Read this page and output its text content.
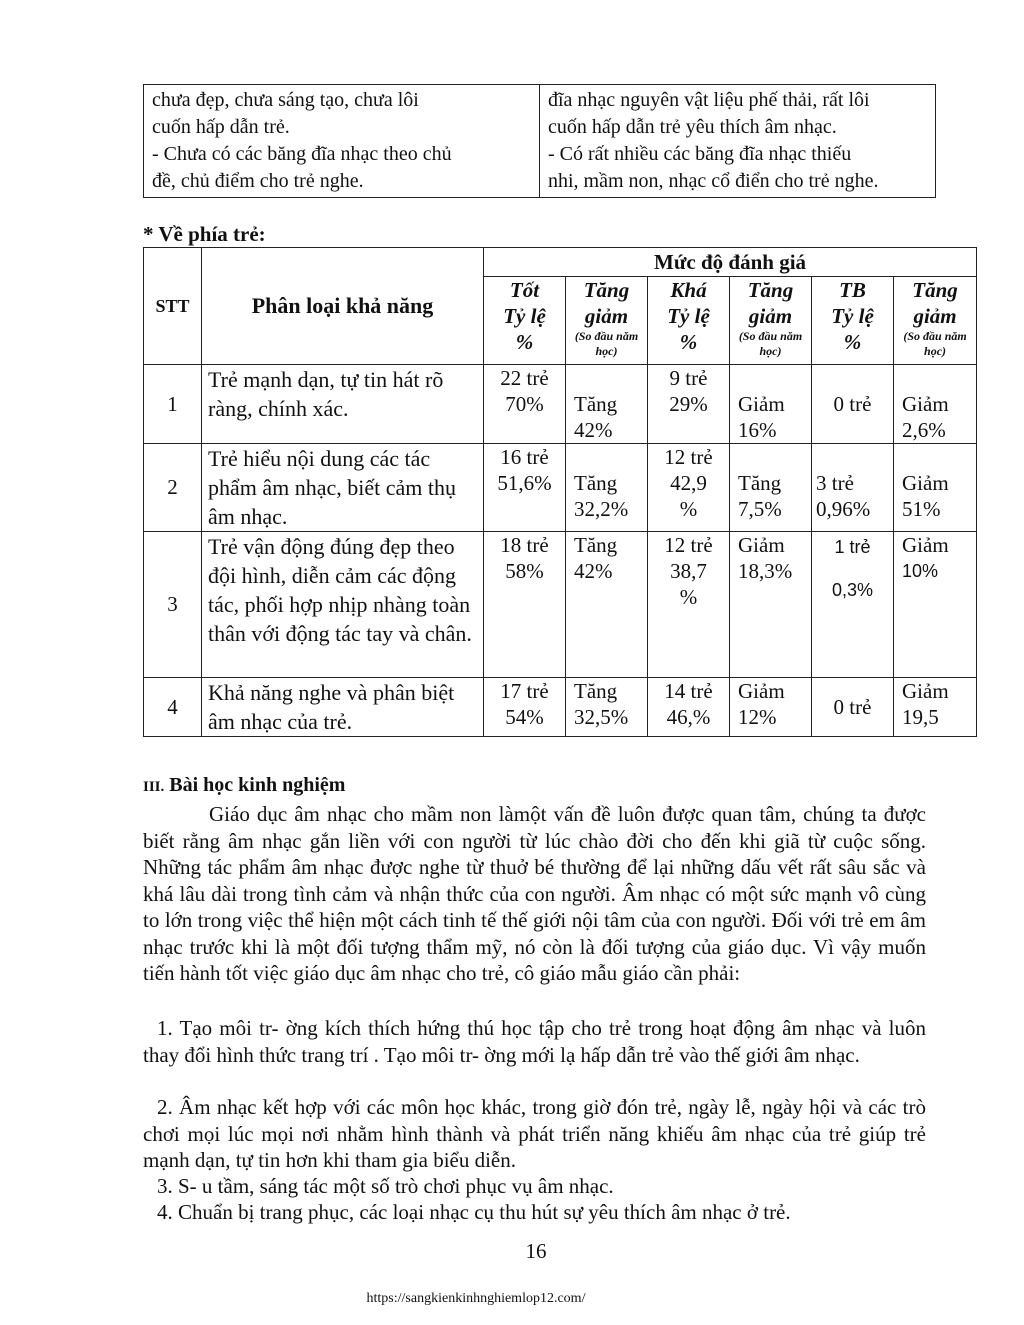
chưa đẹp, chưa sáng tạo, chưa lôi
cuốn hấp dẫn trẻ.
- Chưa có các băng đĩa nhạc theo chủ
đề, chủ điểm cho trẻ nghe.

đĩa nhạc nguyên vật liệu phế thải, rất lôi
cuốn hấp dẫn trẻ yêu thích âm nhạc.
- Có rất nhiều các băng đĩa nhạc thiếu
nhi, mầm non, nhạc cổ điển cho trẻ nghe.
* Về phía trẻ:
STT	Phân loại khả năng	Mức độ đánh giá					

		Tốt
Tỷ lệ
%	Tăng
giảm
(So đầu năm học)	Khá
Tỷ lệ
%	Tăng
giảm
(So đầu năm học)	TB
Tỷ lệ
%	Tăng
giảm
(So đầu năm học)

1	Trẻ mạnh dạn, tự tin hát rõ ràng, chính xác.	22 trẻ
70%	Tăng
42%	9 trẻ
29%	Giảm
16%	0 trẻ	Giảm
2,6%

2	Trẻ hiểu nội dung các tác phẩm âm nhạc, biết cảm thụ âm nhạc.	16 trẻ
51,6%	Tăng
32,2%	12 trẻ
42,9
%	Tăng
7,5%	3 trẻ
0,96%	Giảm
51%

3	Trẻ vận động đúng đẹp theo đội hình, diễn cảm các động tác, phối hợp nhịp nhàng toàn thân với động tác tay và chân.	18 trẻ
58%	Tăng
42%	12 trẻ
38,7
%	Giảm
18,3%	1 trẻ
0,3%	Giảm
10%

4	Khả năng nghe và phân biệt âm nhạc của trẻ.	17 trẻ
54%	Tăng
32,5%	14 trẻ
46,%	Giảm
12%	0 trẻ	Giảm
19,5
III. Bài học kinh nghiệm

Giáo dục âm nhạc cho mầm non làmột vấn đề luôn được quan tâm, chúng ta được biết rằng âm nhạc gắn liền với con người từ lúc chào đời cho đến khi giã từ cuộc sống. Những tác phẩm âm nhạc được nghe từ thuở bé thường để lại những dấu vết rất sâu sắc và khá lâu dài trong tình cảm và nhận thức của con người. Âm nhạc có một sức mạnh vô cùng to lớn trong việc thể hiện một cách tinh tế thế giới nội tâm của con người. Đối với trẻ em âm nhạc trước khi là một đối tượng thẩm mỹ, nó còn là đối tượng của giáo dục. Vì vậy muốn tiến hành tốt việc giáo dục âm nhạc cho trẻ, cô giáo mẫu giáo cần phải:

1. Tạo môi tr- ờng kích thích hứng thú học tập cho trẻ trong hoạt động âm nhạc và luôn thay đổi hình thức trang trí . Tạo môi tr- ờng mới lạ hấp dẫn trẻ vào thế giới âm nhạc.

2. Âm nhạc kết hợp với các môn học khác, trong giờ đón trẻ, ngày lễ, ngày hội và các trò chơi mọi lúc mọi nơi nhằm hình thành và phát triển năng khiếu âm nhạc của trẻ giúp trẻ mạnh dạn, tự tin hơn khi tham gia biểu diễn.

3. S- u tầm, sáng tác một số trò chơi phục vụ âm nhạc.

4. Chuẩn bị trang phục, các loại nhạc cụ thu hút sự yêu thích âm nhạc ở trẻ.

16
https://sangkienkinhnghiemlop12.com/
